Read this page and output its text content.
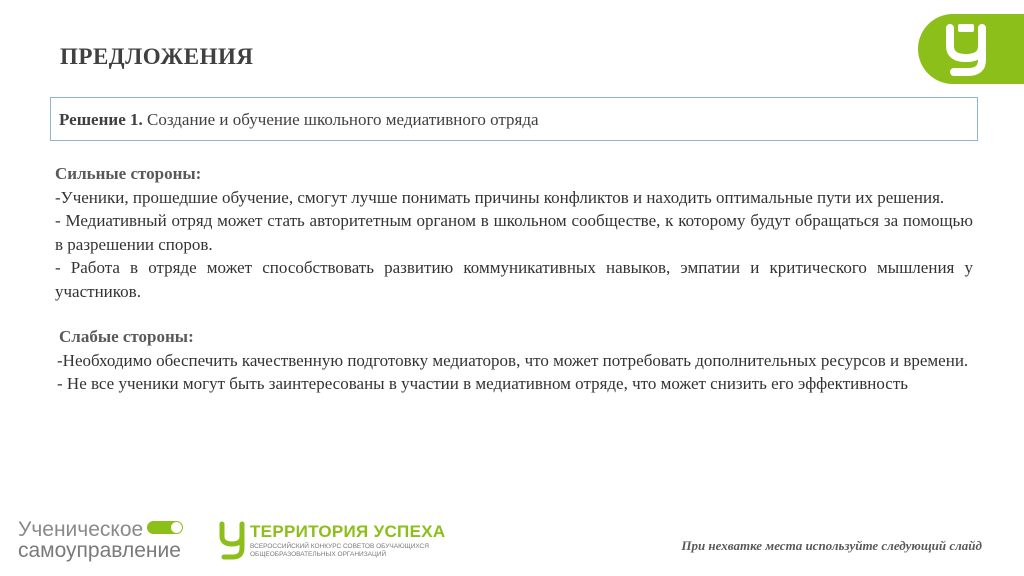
ПРЕДЛОЖЕНИЯ
Решение 1. Создание и обучение школьного медиативного отряда
Сильные стороны:
-Ученики, прошедшие обучение, смогут лучше понимать причины конфликтов и находить оптимальные пути их решения.
- Медиативный отряд может стать авторитетным органом в школьном сообществе, к которому будут обращаться за помощью в разрешении споров.
- Работа в отряде может способствовать развитию коммуникативных навыков, эмпатии и критического мышления у участников.
Слабые стороны:
-Необходимо обеспечить качественную подготовку медиаторов, что может потребовать дополнительных ресурсов и времени.
- Не все ученики могут быть заинтересованы в участии в медиативном отряде, что может снизить его эффективность
Ученическое
самоуправление
ТЕРРИТОРИЯ УСПЕХА
ВСЕРОССИЙСКИЙ КОНКУРС СОВЕТОВ ОБУЧАЮЩИХСЯ
ОБЩЕОБРАЗОВАТЕЛЬНЫХ ОРГАНИЗАЦИЙ
При нехватке места используйте следующий слайд
